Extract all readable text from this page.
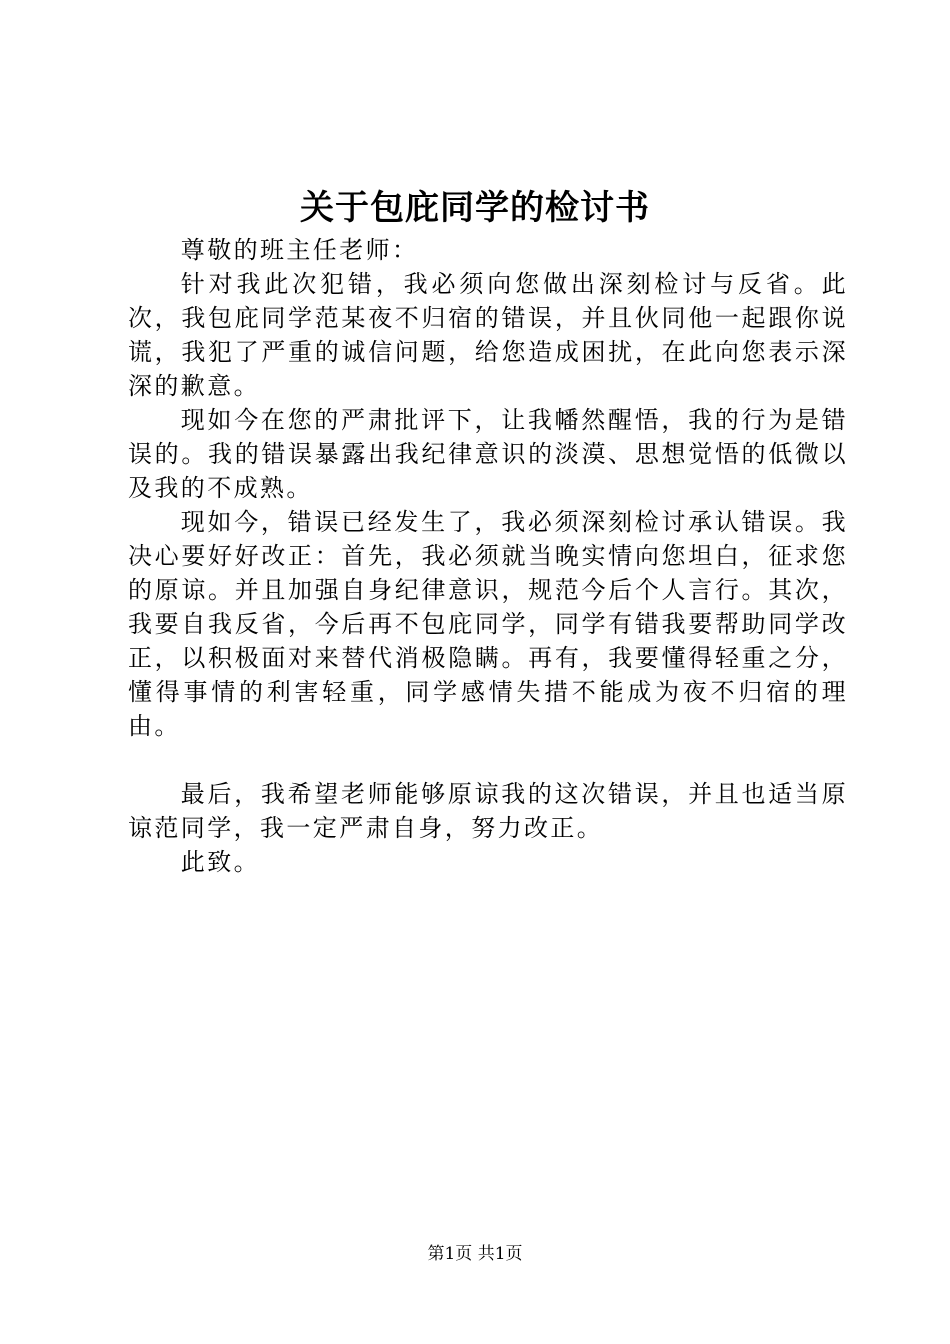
关于包庇同学的检讨书

尊敬的班主任老师：

针对我此次犯错，我必须向您做出深刻检讨与反省。此次，我包庇同学范某夜不归宿的错误，并且伙同他一起跟你说谎，我犯了严重的诚信问题，给您造成困扰，在此向您表示深深的歉意。

现如今在您的严肃批评下，让我幡然醒悟，我的行为是错误的。我的错误暴露出我纪律意识的淡漠、思想觉悟的低微以及我的不成熟。

现如今，错误已经发生了，我必须深刻检讨承认错误。我决心要好好改正：首先，我必须就当晚实情向您坦白，征求您的原谅。并且加强自身纪律意识，规范今后个人言行。其次，我要自我反省，今后再不包庇同学，同学有错我要帮助同学改正，以积极面对来替代消极隐瞒。再有，我要懂得轻重之分，懂得事情的利害轻重，同学感情失措不能成为夜不归宿的理由。

最后，我希望老师能够原谅我的这次错误，并且也适当原谅范同学，我一定严肃自身，努力改正。

此致。

第1页 共1页
